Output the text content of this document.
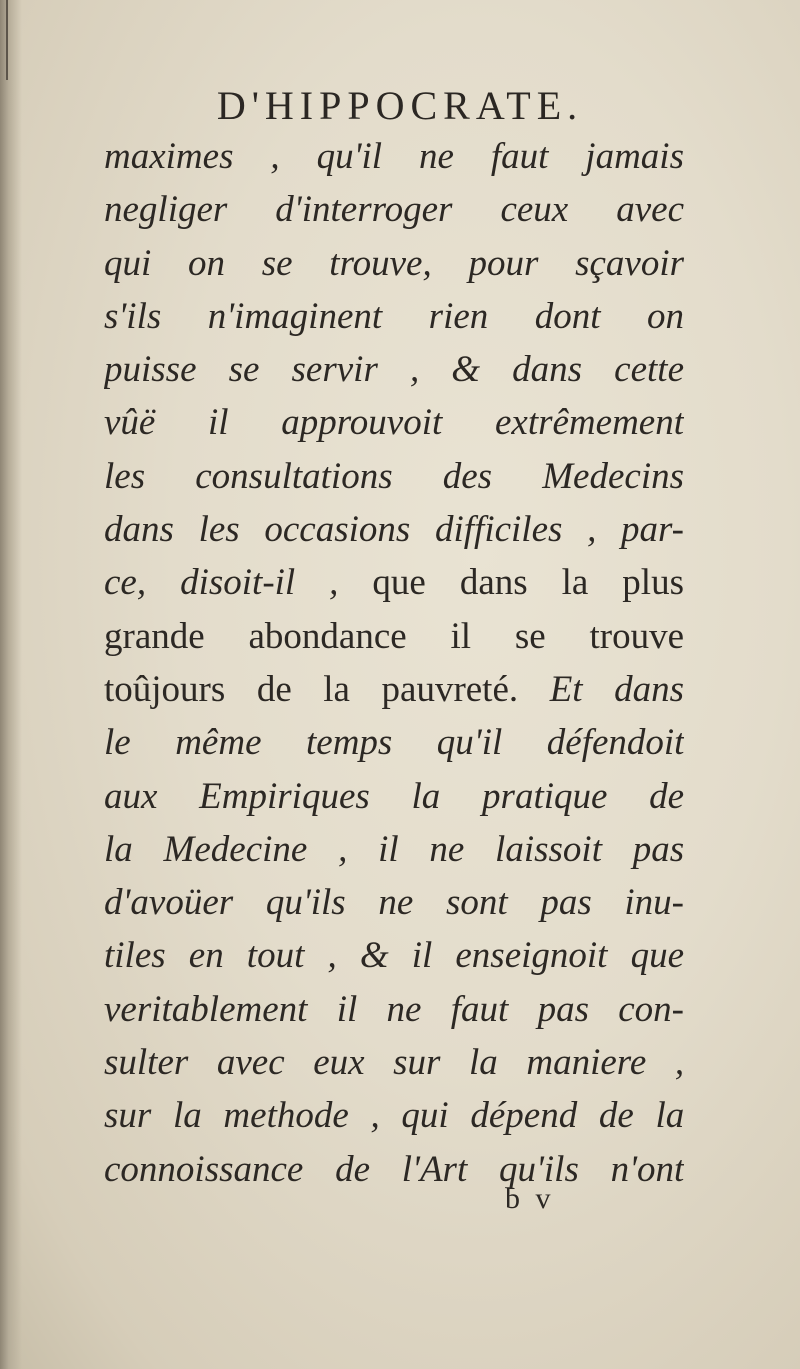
D'HIPPOCRATE.
maximes , qu'il ne faut jamais
negliger d'interroger ceux avec
qui on se trouve, pour sçavoir
s'ils n'imaginent rien dont on
puisse se servir , & dans cette
vûë il approuvoit extrêmement
les consultations des Medecins
dans les occasions difficiles , par-
ce, disoit-il , que dans la plus
grande abondance il se trouve
toûjours de la pauvreté. Et dans
le même temps qu'il défendoit
aux Empiriques la pratique de
la Medecine , il ne laissoit pas
d'avoüer qu'ils ne sont pas inu-
tiles en tout , & il enseignoit que
veritablement il ne faut pas con-
sulter avec eux sur la maniere ,
sur la methode , qui dépend de la
connoissance de l'Art qu'ils n'ont
b v
